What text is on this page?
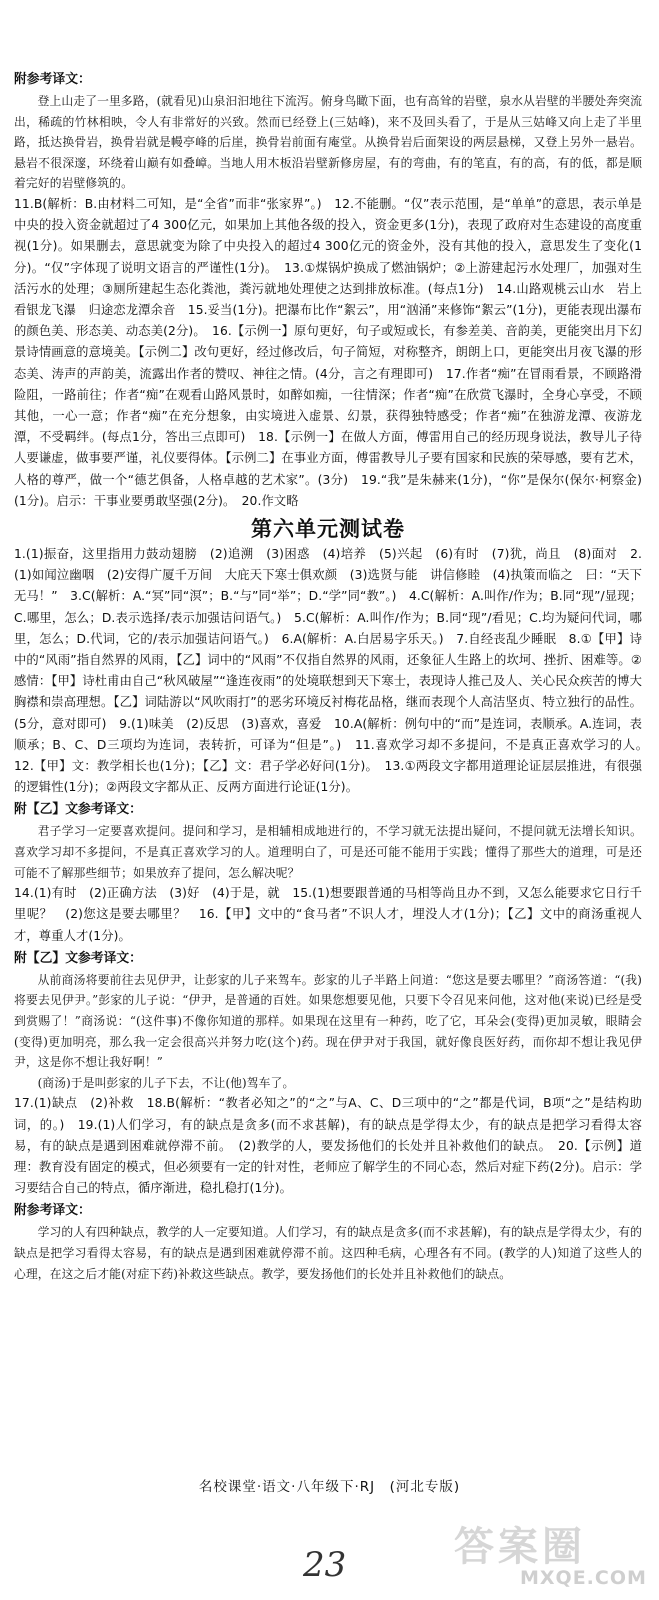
附参考译文：

登上山走了一里多路，(就看见)山泉汩汩地往下流泻。俯身鸟瞰下面，也有高耸的岩壁，泉水从岩壁的半腰处奔突流出，稀疏的竹林相映，令人有非常好的兴致。然而已经登上(三姑峰)，来不及回头看了，于是从三姑峰又向上走了半里路，抵达换骨岩，换骨岩就是幔亭峰的后崖，换骨岩前面有庵堂。从换骨岩后面架设的两层悬梯，又登上另外一悬岩。悬岩不很深邃，环绕着山巅有如叠嶂。当地人用木板沿岩壁新修房屋，有的弯曲，有的笔直，有的高，有的低，都是顺着完好的岩壁修筑的。

11.B(解析：B.由材料二可知，是“全省”而非“张家界”。)　12.不能删。“仅”表示范围，是“单单”的意思，表示单是中央的投入资金就超过了4 300亿元，如果加上其他各级的投入，资金更多(1分)，表现了政府对生态建设的高度重视(1分)。如果删去，意思就变为除了中央投入的超过4 300亿元的资金外，没有其他的投入，意思发生了变化(1分)。“仅”字体现了说明文语言的严谨性(1分)。　13.①煤锅炉换成了燃油锅炉；②上游建起污水处理厂，加强对生活污水的处理；③厕所建起生态化粪池，粪污就地处理使之达到排放标准。(每点1分)　14.山路观桃云山水　岩上看银龙飞瀑　归途恋龙潭余音　15.妥当(1分)。把瀑布比作“絮云”，用“汹涌”来修饰“絮云”(1分)，更能表现出瀑布的颜色美、形态美、动态美(2分)。　16.【示例一】原句更好，句子或短或长，有参差美、音韵美，更能突出月下幻景诗情画意的意境美。【示例二】改句更好，经过修改后，句子简短，对称整齐，朗朗上口，更能突出月夜飞瀑的形态美、涛声的声韵美，流露出作者的赞叹、神往之情。(4分，言之有理即可)　17.作者“痴”在冒雨看景，不顾路滑险阻，一路前往；作者“痴”在观看山路风景时，如醉如痴，一往情深；作者“痴”在欣赏飞瀑时，全身心享受，不顾其他，一心一意；作者“痴”在充分想象，由实境进入虚景、幻景，获得独特感受；作者“痴”在独游龙潭、夜游龙潭，不受羁绊。(每点1分，答出三点即可)　18.【示例一】在做人方面，傅雷用自己的经历现身说法，教导儿子待人要谦虚，做事要严谨，礼仪要得体。【示例二】在事业方面，傅雷教导儿子要有国家和民族的荣辱感，要有艺术，人格的尊严，做一个“德艺俱备，人格卓越的艺术家”。(3分)　19.“我”是朱赫来(1分)，“你”是保尔(保尔·柯察金)(1分)。启示：干事业要勇敢坚强(2分)。　20.作文略

第六单元测试卷

1.(1)振奋，这里指用力鼓动翅膀　(2)追溯　(3)困惑　(4)培养　(5)兴起　(6)有时　(7)犹，尚且　(8)面对　2.(1)如闻泣幽咽　(2)安得广厦千万间　大庇天下寒士俱欢颜　(3)选贤与能　讲信修睦　(4)执策而临之　曰：“天下无马！”　3.C(解析：A.“冥”同“溟”；B.“与”同“举”；D.“学”同“教”。)　4.C(解析：A.叫作/作为；B.同“现”/显现；C.哪里，怎么；D.表示选择/表示加强诘问语气。)　5.C(解析：A.叫作/作为；B.同“现”/看见；C.均为疑问代词，哪里，怎么；D.代词，它的/表示加强诘问语气。)　6.A(解析：A.白居易字乐天。)　7.自经丧乱少睡眠　8.①【甲】诗中的“风雨”指自然界的风雨，【乙】词中的“风雨”不仅指自然界的风雨，还象征人生路上的坎坷、挫折、困难等。②感情：【甲】诗杜甫由自己“秋风破屋”“逢连夜雨”的处境联想到天下寒士，表现诗人推己及人、关心民众疾苦的博大胸襟和崇高理想。【乙】词陆游以“风吹雨打”的恶劣环境反衬梅花品格，继而表现个人高洁坚贞、特立独行的品性。(5分，意对即可)　9.(1)味美　(2)反思　(3)喜欢，喜爱　10.A(解析：例句中的“而”是连词，表顺承。A.连词，表顺承；B、C、D三项均为连词，表转折，可译为“但是”。)　11.喜欢学习却不多提问，不是真正喜欢学习的人。　12.【甲】文：教学相长也(1分)；【乙】文：君子学必好问(1分)。　13.①两段文字都用道理论证层层推进，有很强的逻辑性(1分)；②两段文字都从正、反两方面进行论证(1分)。

附【乙】文参考译文：

君子学习一定要喜欢提问。提问和学习，是相辅相成地进行的，不学习就无法提出疑问，不提问就无法增长知识。喜欢学习却不多提问，不是真正喜欢学习的人。道理明白了，可是还可能不能用于实践；懂得了那些大的道理，可是还可能不了解那些细节；如果放弃了提问，怎么解决呢？

14.(1)有时　(2)正确方法　(3)好　(4)于是，就　15.(1)想要跟普通的马相等尚且办不到，又怎么能要求它日行千里呢？　(2)您这是要去哪里？　16.【甲】文中的“食马者”不识人才，埋没人才(1分)；【乙】文中的商汤重视人才，尊重人才(1分)。

附【乙】文参考译文：

从前商汤将要前往去见伊尹，让彭家的儿子来驾车。彭家的儿子半路上问道：“您这是要去哪里？”商汤答道：“(我)将要去见伊尹。”彭家的儿子说：“伊尹，是普通的百姓。如果您想要见他，只要下令召见来问他，这对他(来说)已经是受到赏赐了！”商汤说：“(这件事)不像你知道的那样。如果现在这里有一种药，吃了它，耳朵会(变得)更加灵敏，眼睛会(变得)更加明亮，那么我一定会很高兴并努力吃(这个)药。现在伊尹对于我国，就好像良医好药，而你却不想让我见伊尹，这是你不想让我好啊！”

(商汤)于是叫彭家的儿子下去，不让(他)驾车了。

17.(1)缺点　(2)补救　18.B(解析：“教者必知之”的“之”与A、C、D三项中的“之”都是代词，B项“之”是结构助词，的。)　19.(1)人们学习，有的缺点是贪多(而不求甚解)，有的缺点是学得太少，有的缺点是把学习看得太容易，有的缺点是遇到困难就停滞不前。　(2)教学的人，要发扬他们的长处并且补救他们的缺点。　20.【示例】道理：教育没有固定的模式，但必须要有一定的针对性，老师应了解学生的不同心态，然后对症下药(2分)。启示：学习要结合自己的特点，循序渐进，稳扎稳打(1分)。

附参考译文：

学习的人有四种缺点，教学的人一定要知道。人们学习，有的缺点是贪多(而不求甚解)，有的缺点是学得太少，有的缺点是把学习看得太容易，有的缺点是遇到困难就停滞不前。这四种毛病，心理各有不同。(教学的人)知道了这些人的心理，在这之后才能(对症下药)补救这些缺点。教学，要发扬他们的长处并且补救他们的缺点。

名校课堂·语文·八年级下·RJ　(河北专版)
23	答案圈
MXQE.COM
